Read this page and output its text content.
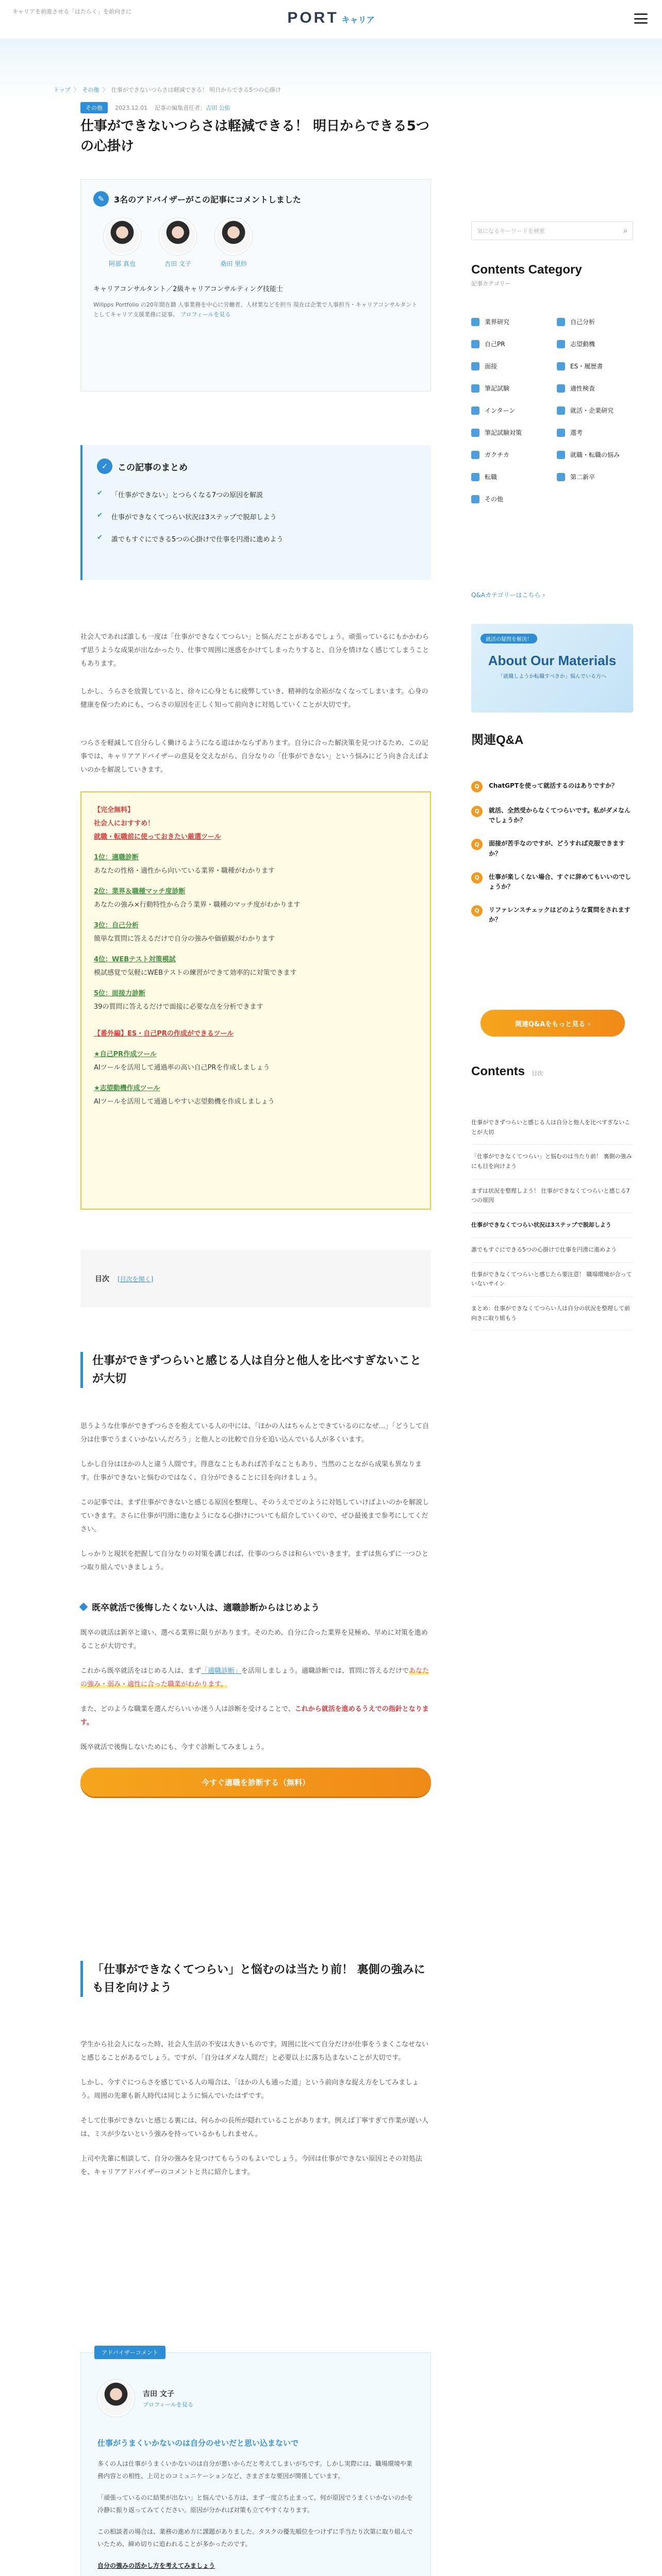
キャリアを前進させる「はたらく」を前向きに	PORT キャリア
トップ 〉 その他 〉 仕事ができないつらさは軽減できる！ 明日からできる5つの心掛け
その他	2023.12.01 記事の編集責任者： 吉田 公佑
仕事ができないつらさは軽減できる！ 明日からできる5つの心掛け
✎	3名のアドバイザーがこの記事にコメントしました
阿部 真也	吉田 文子	桑田 里紗

キャリアコンサルタント／2級キャリアコンサルティング技能士

Willpps Portfolio の20年間在籍 人事業務を中心に労働者、人材業などを担当 現在は企業で人事担当・キャリアコンサルタントとしてキャリア支援業務に従事。 プロフィールを見る

✓	この記事のまとめ
✔ 「仕事ができない」とつらくなる7つの原因を解説
✔ 仕事ができなくてつらい状況は3ステップで脱却しよう
✔ 誰でもすぐにできる5つの心掛けで仕事を円滑に進めよう

社会人であれば誰しも一度は「仕事ができなくてつらい」と悩んだことがあるでしょう。頑張っているにもかかわらず思うような成果が出なかったり、仕事で周囲に迷惑をかけてしまったりすると、自分を情けなく感じてしまうこともあります。

しかし、うらさを放置していると、徐々に心身ともに疲弊していき、精神的な余裕がなくなってしまいます。心身の健康を保つためにも、つらさの原因を正しく知って前向きに対処していくことが大切です。

つらさを軽減して自分らしく働けるようになる道はかならずあります。自分に合った解決策を見つけるため、この記事では、キャリアアドバイザーの意見を交えながら、自分なりの「仕事ができない」という悩みにどう向き合えばよいのかを解説していきます。

【完全無料】
社会人におすすめ！
就職・転職前に使っておきたい厳選ツール
1位：適職診断
あなたの性格・適性から向いている業界・職種がわかります
2位：業界＆職種マッチ度診断
あなたの強み×行動特性から合う業界・職種のマッチ度がわかります
3位：自己分析
簡単な質問に答えるだけで自分の強みや価値観がわかります
4位：WEBテスト対策模試
模試感覚で気軽にWEBテストの練習ができて効率的に対策できます
5位：面接力診断
39の質問に答えるだけで面接に必要な点を分析できます
【番外編】ES・自己PRの作成ができるツール
★自己PR作成ツール
AIツールを活用して通過率の高い自己PRを作成しましょう
★志望動機作成ツール
AIツールを活用して通過しやすい志望動機を作成しましょう
目次 [目次を開く]
仕事ができずつらいと感じる人は自分と他人を比べすぎないことが大切

思うような仕事ができずつらさを抱えている人の中には、「ほかの人はちゃんとできているのになぜ…」「どうして自分は仕事でうまくいかないんだろう」と他人との比較で自分を追い込んでいる人が多くいます。

しかし自分はほかの人と違う人間です。得意なこともあれば苦手なこともあり、当然のことながら成果も異なります。仕事ができないと悩むのではなく、自分ができることに目を向けましょう。

この記事では、まず仕事ができないと感じる原因を整理し、そのうえでどのように対処していけばよいのかを解説していきます。さらに仕事が円滑に進むようになる心掛けについても紹介していくので、ぜひ最後まで参考にしてください。

しっかりと現状を把握して自分なりの対策を講じれば、仕事のつらさは和らいでいきます。まずは焦らずに一つひとつ取り組んでいきましょう。

既卒就活で後悔したくない人は、適職診断からはじめよう

既卒の就活は新卒と違い、選べる業界に限りがあります。そのため、自分に合った業界を見極め、早めに対策を進めることが大切です。

これから既卒就活をはじめる人は、まず「適職診断」を活用しましょう。適職診断では、質問に答えるだけであなたの強み・弱み・適性に合った職業がわかります。

また、どのような職業を選んだらいいか迷う人は診断を受けることで、これから就活を進めるうえでの指針となります。

既卒就活で後悔しないためにも、今すぐ診断してみましょう。

今すぐ適職を診断する（無料）
「仕事ができなくてつらい」と悩むのは当たり前！ 裏側の強みにも目を向けよう

学生から社会人になった時、社会人生活の不安は大きいものです。周囲に比べて自分だけが仕事をうまくこなせないと感じることがあるでしょう。ですが、「自分はダメな人間だ」と必要以上に落ち込まないことが大切です。

しかし、今すぐにつらさを感じている人の場合は、「ほかの人も通った道」という前向きな捉え方をしてみましょう。周囲の先輩も新人時代は同じように悩んでいたはずです。

そして仕事ができないと感じる裏には、何らかの長所が隠れていることがあります。例えば丁寧すぎて作業が遅い人は、ミスが少ないという強みを持っているかもしれません。

上司や先輩に相談して、自分の強みを見つけてもらうのもよいでしょう。今回は仕事ができない原因とその対処法を、キャリアアドバイザーのコメントと共に紹介します。

アドバイザーコメント
吉田 文子
プロフィールを見る
仕事がうまくいかないのは自分のせいだと思い込まないで

多くの人は仕事がうまくいかないのは自分が悪いからだと考えてしまいがちです。しかし実際には、職場環境や業務内容との相性、上司とのコミュニケーションなど、さまざまな要因が関係しています。

「頑張っているのに結果が出ない」と悩んでいる方は、まず一度立ち止まって、何が原因でうまくいかないのかを冷静に振り返ってみてください。原因が分かれば対策も立てやすくなります。

この相談者の場合は、業務の進め方に課題がありました。タスクの優先順位をつけずに手当たり次第に取り組んでいたため、締め切りに追われることが多かったのです。

自分の強みの活かし方を考えてみましょう

気になるキーワードを検索	⌕
Contents Category
記事カテゴリー
業界研究	自己分析
自己PR	志望動機
面接	ES・履歴書
筆記試験	適性検査
インターン	就活・企業研究
筆記試験対策	選考
ガクチカ	就職・転職の悩み
転職	第二新卒
その他
Q&Aカテゴリーはこちら ›
就活の疑問を解決！
About Our Materials
「就職しようか転職すべきか」悩んでいる方へ
関連Q&A
Q	ChatGPTを使って就活するのはありですか？
Q	就活、全然受からなくてつらいです。私がダメなんでしょうか？
Q	面接が苦手なのですが、どうすれば克服できますか？
Q	仕事が楽しくない場合、すぐに辞めてもいいのでしょうか？
Q	リファレンスチェックはどのような質問をされますか？
関連Q&Aをもっと見る ›
Contents 目次
仕事ができずつらいと感じる人は自分と他人を比べすぎないことが大切
「仕事ができなくてつらい」と悩むのは当たり前！ 裏側の強みにも目を向けよう
まずは状況を整理しよう！ 仕事ができなくてつらいと感じる7つの原因
仕事ができなくてつらい状況は3ステップで脱却しよう
誰でもすぐにできる5つの心掛けで仕事を円滑に進めよう
仕事ができなくてつらいと感じたら要注意！ 職場環境が合っていないサイン
まとめ：仕事ができなくてつらい人は自分の状況を整理して前向きに取り組もう
